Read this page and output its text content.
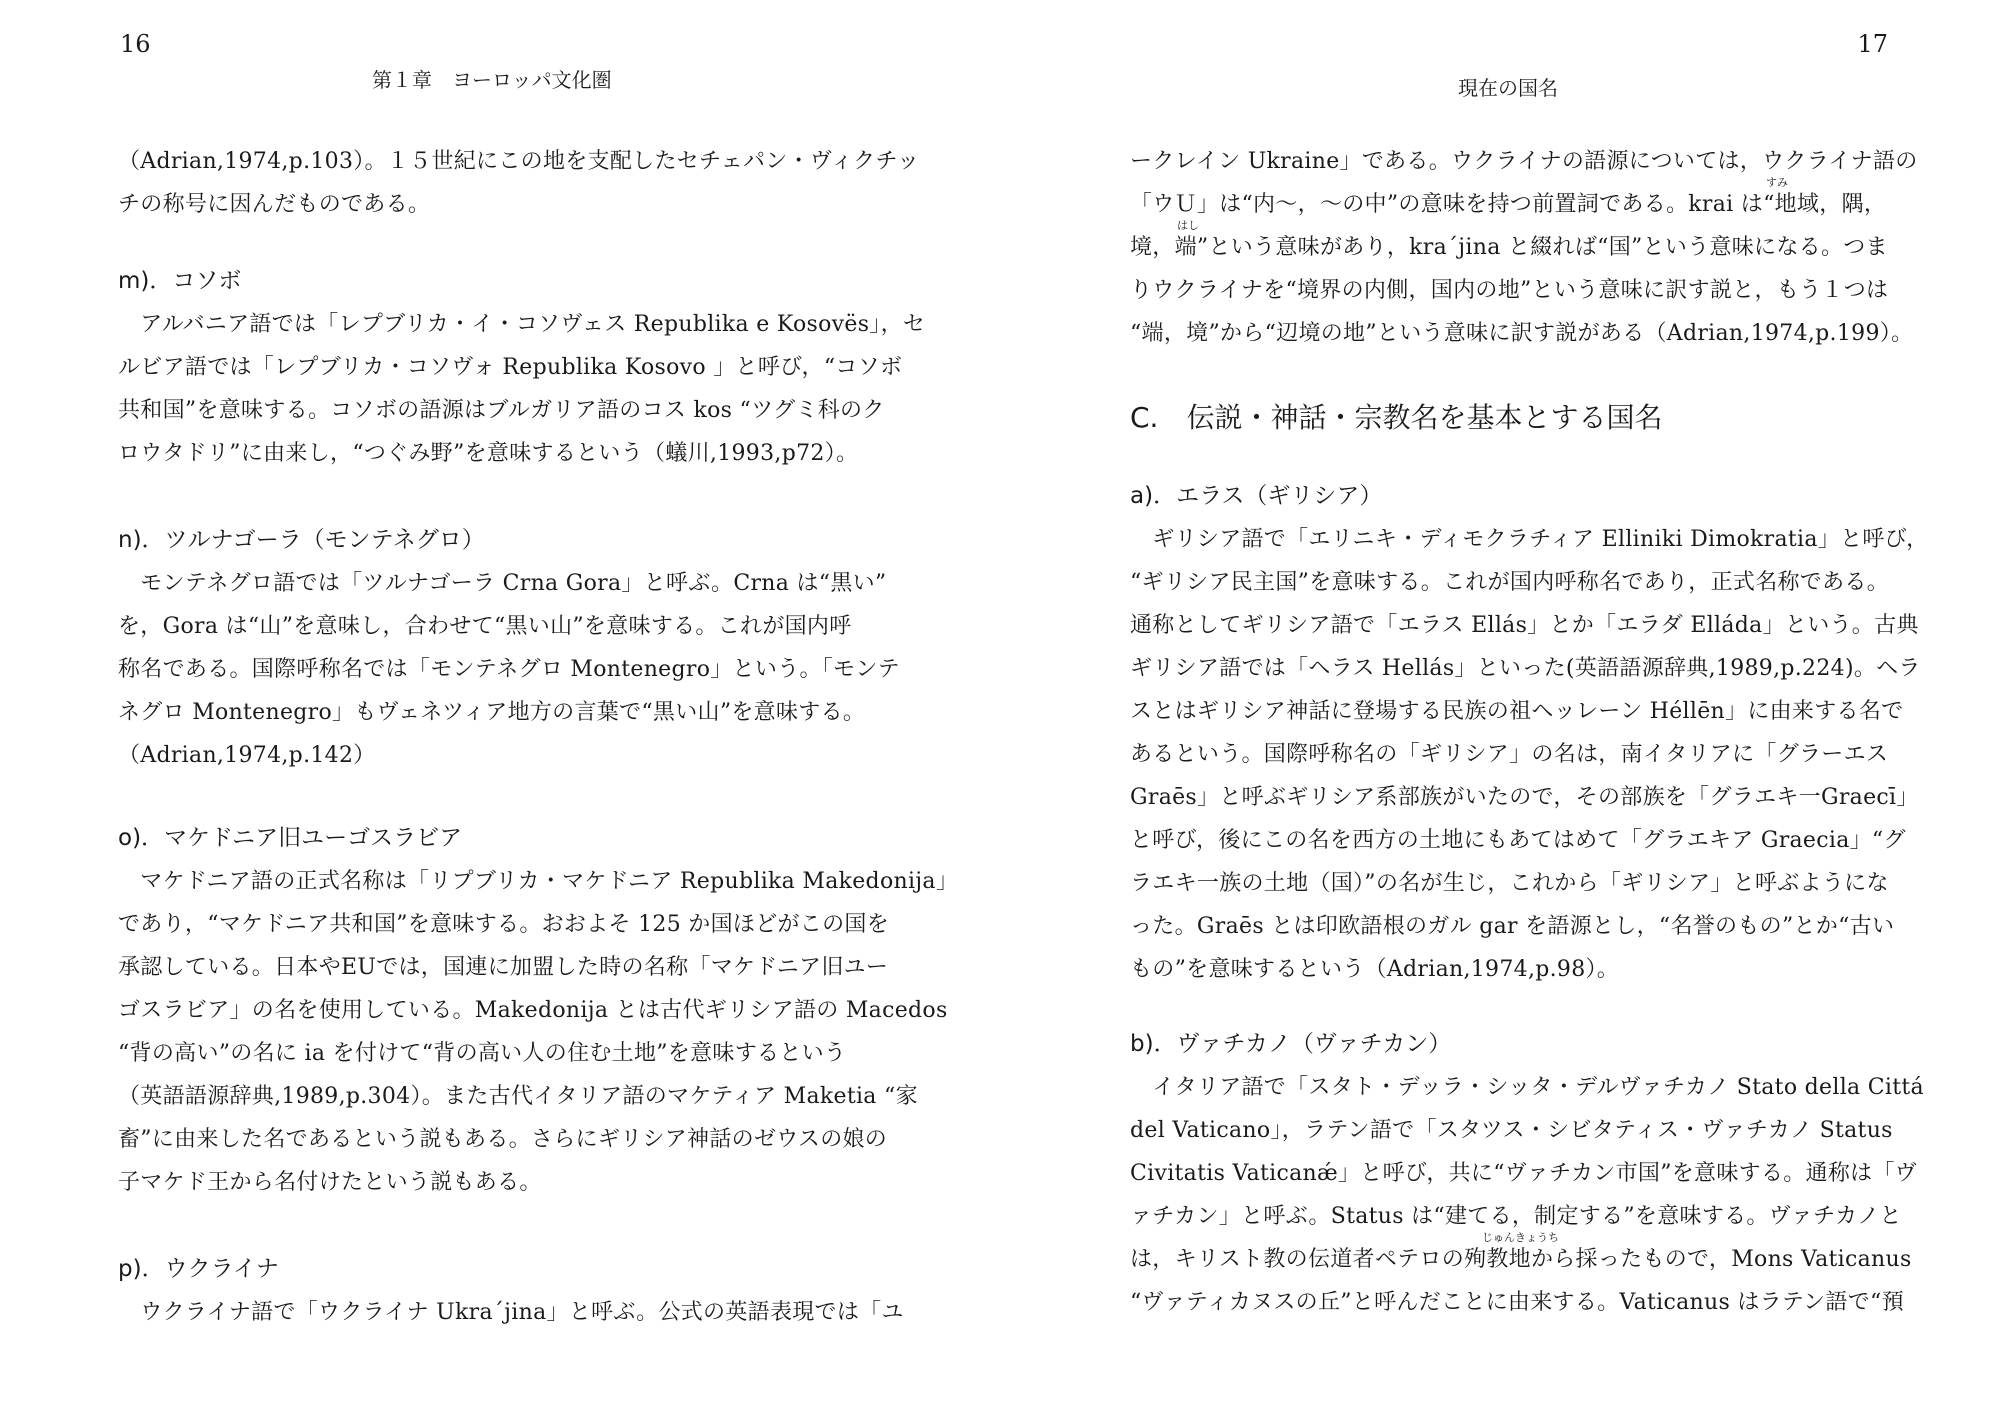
16
第１章　ヨーロッパ文化圏
（Adrian,1974,p.103）。１５世紀にこの地を支配したセチェパン・ヴィクチッ
チの称号に因んだものである。
m)．コソボ
　アルバニア語では「レプブリカ・イ・コソヴェス Republika e Kosovës」，セ
ルビア語では「レプブリカ・コソヴォ Republika Kosovo 」と呼び，“コソボ
共和国”を意味する。コソボの語源はブルガリア語のコス kos “ツグミ科のク
ロウタドリ”に由来し，“つぐみ野”を意味するという（蟻川,1993,p72）。
n)．ツルナゴーラ（モンテネグロ）
　モンテネグロ語では「ツルナゴーラ Crna Gora」と呼ぶ。Crna は“黒い”
を，Gora は“山”を意味し，合わせて“黒い山”を意味する。これが国内呼
称名である。国際呼称名では「モンテネグロ Montenegro」という。「モンテ
ネグロ Montenegro」もヴェネツィア地方の言葉で“黒い山”を意味する。
（Adrian,1974,p.142）
o)．マケドニア旧ユーゴスラビア
　マケドニア語の正式名称は「リプブリカ・マケドニア Republika Makedonija」
であり，“マケドニア共和国”を意味する。おおよそ 125 か国ほどがこの国を
承認している。日本やEUでは，国連に加盟した時の名称「マケドニア旧ユー
ゴスラビア」の名を使用している。Makedonija とは古代ギリシア語の Macedos
“背の高い”の名に ia を付けて“背の高い人の住む土地”を意味するという
（英語語源辞典,1989,p.304）。また古代イタリア語のマケティア Maketia “家
畜”に由来した名であるという説もある。さらにギリシア神話のゼウスの娘の
子マケド王から名付けたという説もある。
p)．ウクライナ
　ウクライナ語で「ウクライナ Ukra´jina」と呼ぶ。公式の英語表現では「ユ
17
現在の国名
ークレイン Ukraine」である。ウクライナの語源については，ウクライナ語の
すみ
「ウＵ」は“内～，～の中”の意味を持つ前置詞である。krai は“地域，隅，
はし
境，端”という意味があり，kra´jina と綴れば“国”という意味になる。つま
りウクライナを“境界の内側，国内の地”という意味に訳す説と，もう１つは
“端，境”から“辺境の地”という意味に訳す説がある（Adrian,1974,p.199）。
C.　伝説・神話・宗教名を基本とする国名
a)．エラス（ギリシア）
　ギリシア語で「エリニキ・ディモクラチィア Elliniki Dimokratia」と呼び，
“ギリシア民主国”を意味する。これが国内呼称名であり，正式名称である。
通称としてギリシア語で「エラス Ellás」とか「エラダ Elláda」という。古典
ギリシア語では「ヘラス Hellás」といった(英語語源辞典,1989,p.224)。ヘラ
スとはギリシア神話に登場する民族の祖ヘッレーン Héllēn」に由来する名で
あるという。国際呼称名の「ギリシア」の名は，南イタリアに「グラーエス
Graēs」と呼ぶギリシア系部族がいたので，その部族を「グラエキ一Graecī」
と呼び，後にこの名を西方の土地にもあてはめて「グラエキア Graecia」“グ
ラエキ一族の土地（国）”の名が生じ，これから「ギリシア」と呼ぶようにな
った。Graēs とは印欧語根のガル gar を語源とし，“名誉のもの”とか“古い
もの”を意味するという（Adrian,1974,p.98）。
b)．ヴァチカノ（ヴァチカン）
　イタリア語で「スタト・デッラ・シッタ・デルヴァチカノ Stato della Cittá
del Vaticano」，ラテン語で「スタツス・シビタティス・ヴァチカノ Status
Civitatis Vaticanǽ」と呼び，共に“ヴァチカン市国”を意味する。通称は「ヴ
ァチカン」と呼ぶ。Status は“建てる，制定する”を意味する。ヴァチカノと
じゅんきょうち
は，キリスト教の伝道者ペテロの殉教地から採ったもので，Mons Vaticanus
“ヴァティカヌスの丘”と呼んだことに由来する。Vaticanus はラテン語で“預
